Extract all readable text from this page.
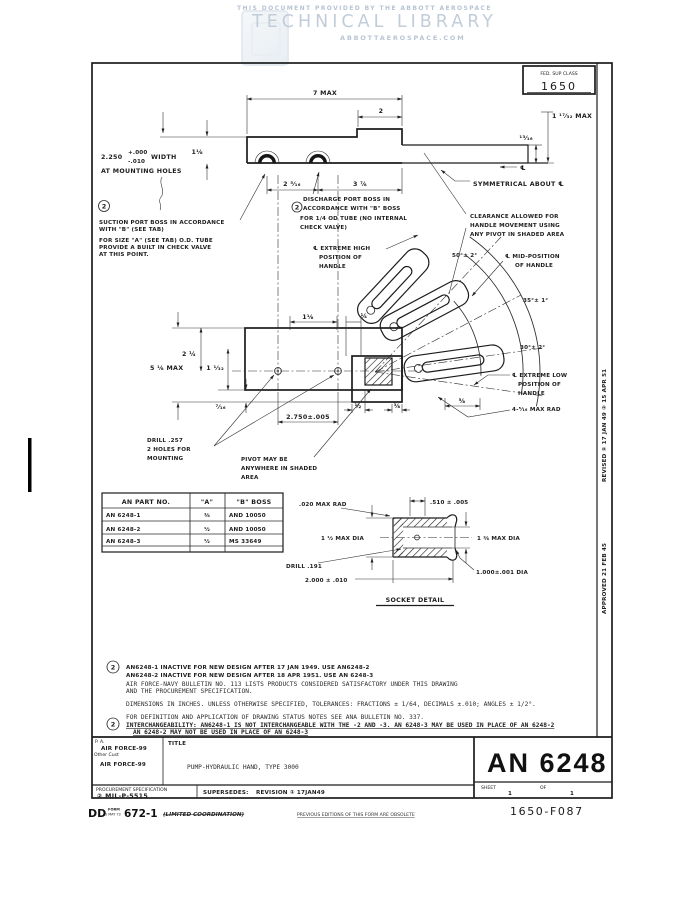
THIS DOCUMENT PROVIDED BY THE ABBOTT AEROSPACE
TECHNICAL LIBRARY
ABBOTTAEROSPACE.COM
FED. SUP CLASS
1650
REVISED ① 17 JAN 49 ② 15 APR 51
APPROVED 21 FEB 45
7 MAX
2
1⅛
2.250
+.000
-.010
WIDTH
AT MOUNTING HOLES
2 ⁵⁄₁₆	3 ⅞
¹³⁄₁₆
1 ¹⁷⁄₃₂ MAX
℄
SYMMETRICAL ABOUT ℄
2
SUCTION PORT BOSS IN ACCORDANCE
WITH "B" (SEE TAB)
FOR SIZE "A" (SEE TAB) O.D. TUBE
PROVIDE A BUILT IN CHECK VALVE
AT THIS POINT.
DISCHARGE PORT BOSS IN
2 ACCORDANCE WITH "B" BOSS
FOR 1/4 OD TUBE (NO INTERNAL
CHECK VALVE)
℄ EXTREME HIGH
POSITION OF
HANDLE
CLEARANCE ALLOWED FOR
HANDLE MOVEMENT USING
ANY PIVOT IN SHADED AREA
50°± 2°	℄ MID-POSITION
OF HANDLE
35°± 1°
30°± 2°
℄ EXTREME LOW
POSITION OF
HANDLE
4-⁵⁄₁₆ MAX RAD
1⅛	¼
2 ¼
5 ⅛ MAX	1 ¹⁄₃₂
⁷⁄₁₆
2.750±.005
½	⅜
⅝
DRILL .257
2 HOLES FOR
MOUNTING	PIVOT MAY BE
ANYWHERE IN SHADED
AREA
.020 MAX RAD	.510 ± .005
1 ½ MAX DIA	1 ⅜ MAX DIA
DRILL .191
2.000 ± .010
1.000±.001 DIA
SOCKET DETAIL
AN PART NO.	"A"	"B" BOSS
AN 6248-1	⅜	AND 10050
AN 6248-2	½	AND 10050
AN 6248-3	½	MS 33649
2 AN6248-1 INACTIVE FOR NEW DESIGN AFTER 17 JAN 1949. USE AN6248-2
AN6248-2 INACTIVE FOR NEW DESIGN AFTER 18 APR 1951. USE AN 6248-3
AIR FORCE-NAVY BULLETIN NO. 113 LISTS PRODUCTS CONSIDERED SATISFACTORY UNDER THIS DRAWING
AND THE PROCUREMENT SPECIFICATION.
DIMENSIONS IN INCHES. UNLESS OTHERWISE SPECIFIED, TOLERANCES: FRACTIONS ± 1/64, DECIMALS ±.010; ANGLES ± 1/2°.
FOR DEFINITION AND APPLICATION OF DRAWING STATUS NOTES SEE ANA BULLETIN NO. 337.
2 INTERCHANGEABILITY: AN6248-1 IS NOT INTERCHANGEABLE WITH THE -2 AND -3. AN 6248-3 MAY BE USED IN PLACE OF AN 6248-2
AN 6248-2 MAY NOT BE USED IN PLACE OF AN 6248-3
P. A.
AIR FORCE-99
Other Cust
AIR FORCE-99
TITLE
PUMP-HYDRAULIC HAND, TYPE 3000	AN 6248
PROCUREMENT SPECIFICATION
② MIL-P-5515	SUPERSEDES: REVISION ① 17JAN49
SHEET
1
OF
1
1650-F087
DD FORM
1 MAY 73 672-1 (LIMITED COORDINATION)	PREVIOUS EDITIONS OF THIS FORM ARE OBSOLETE
